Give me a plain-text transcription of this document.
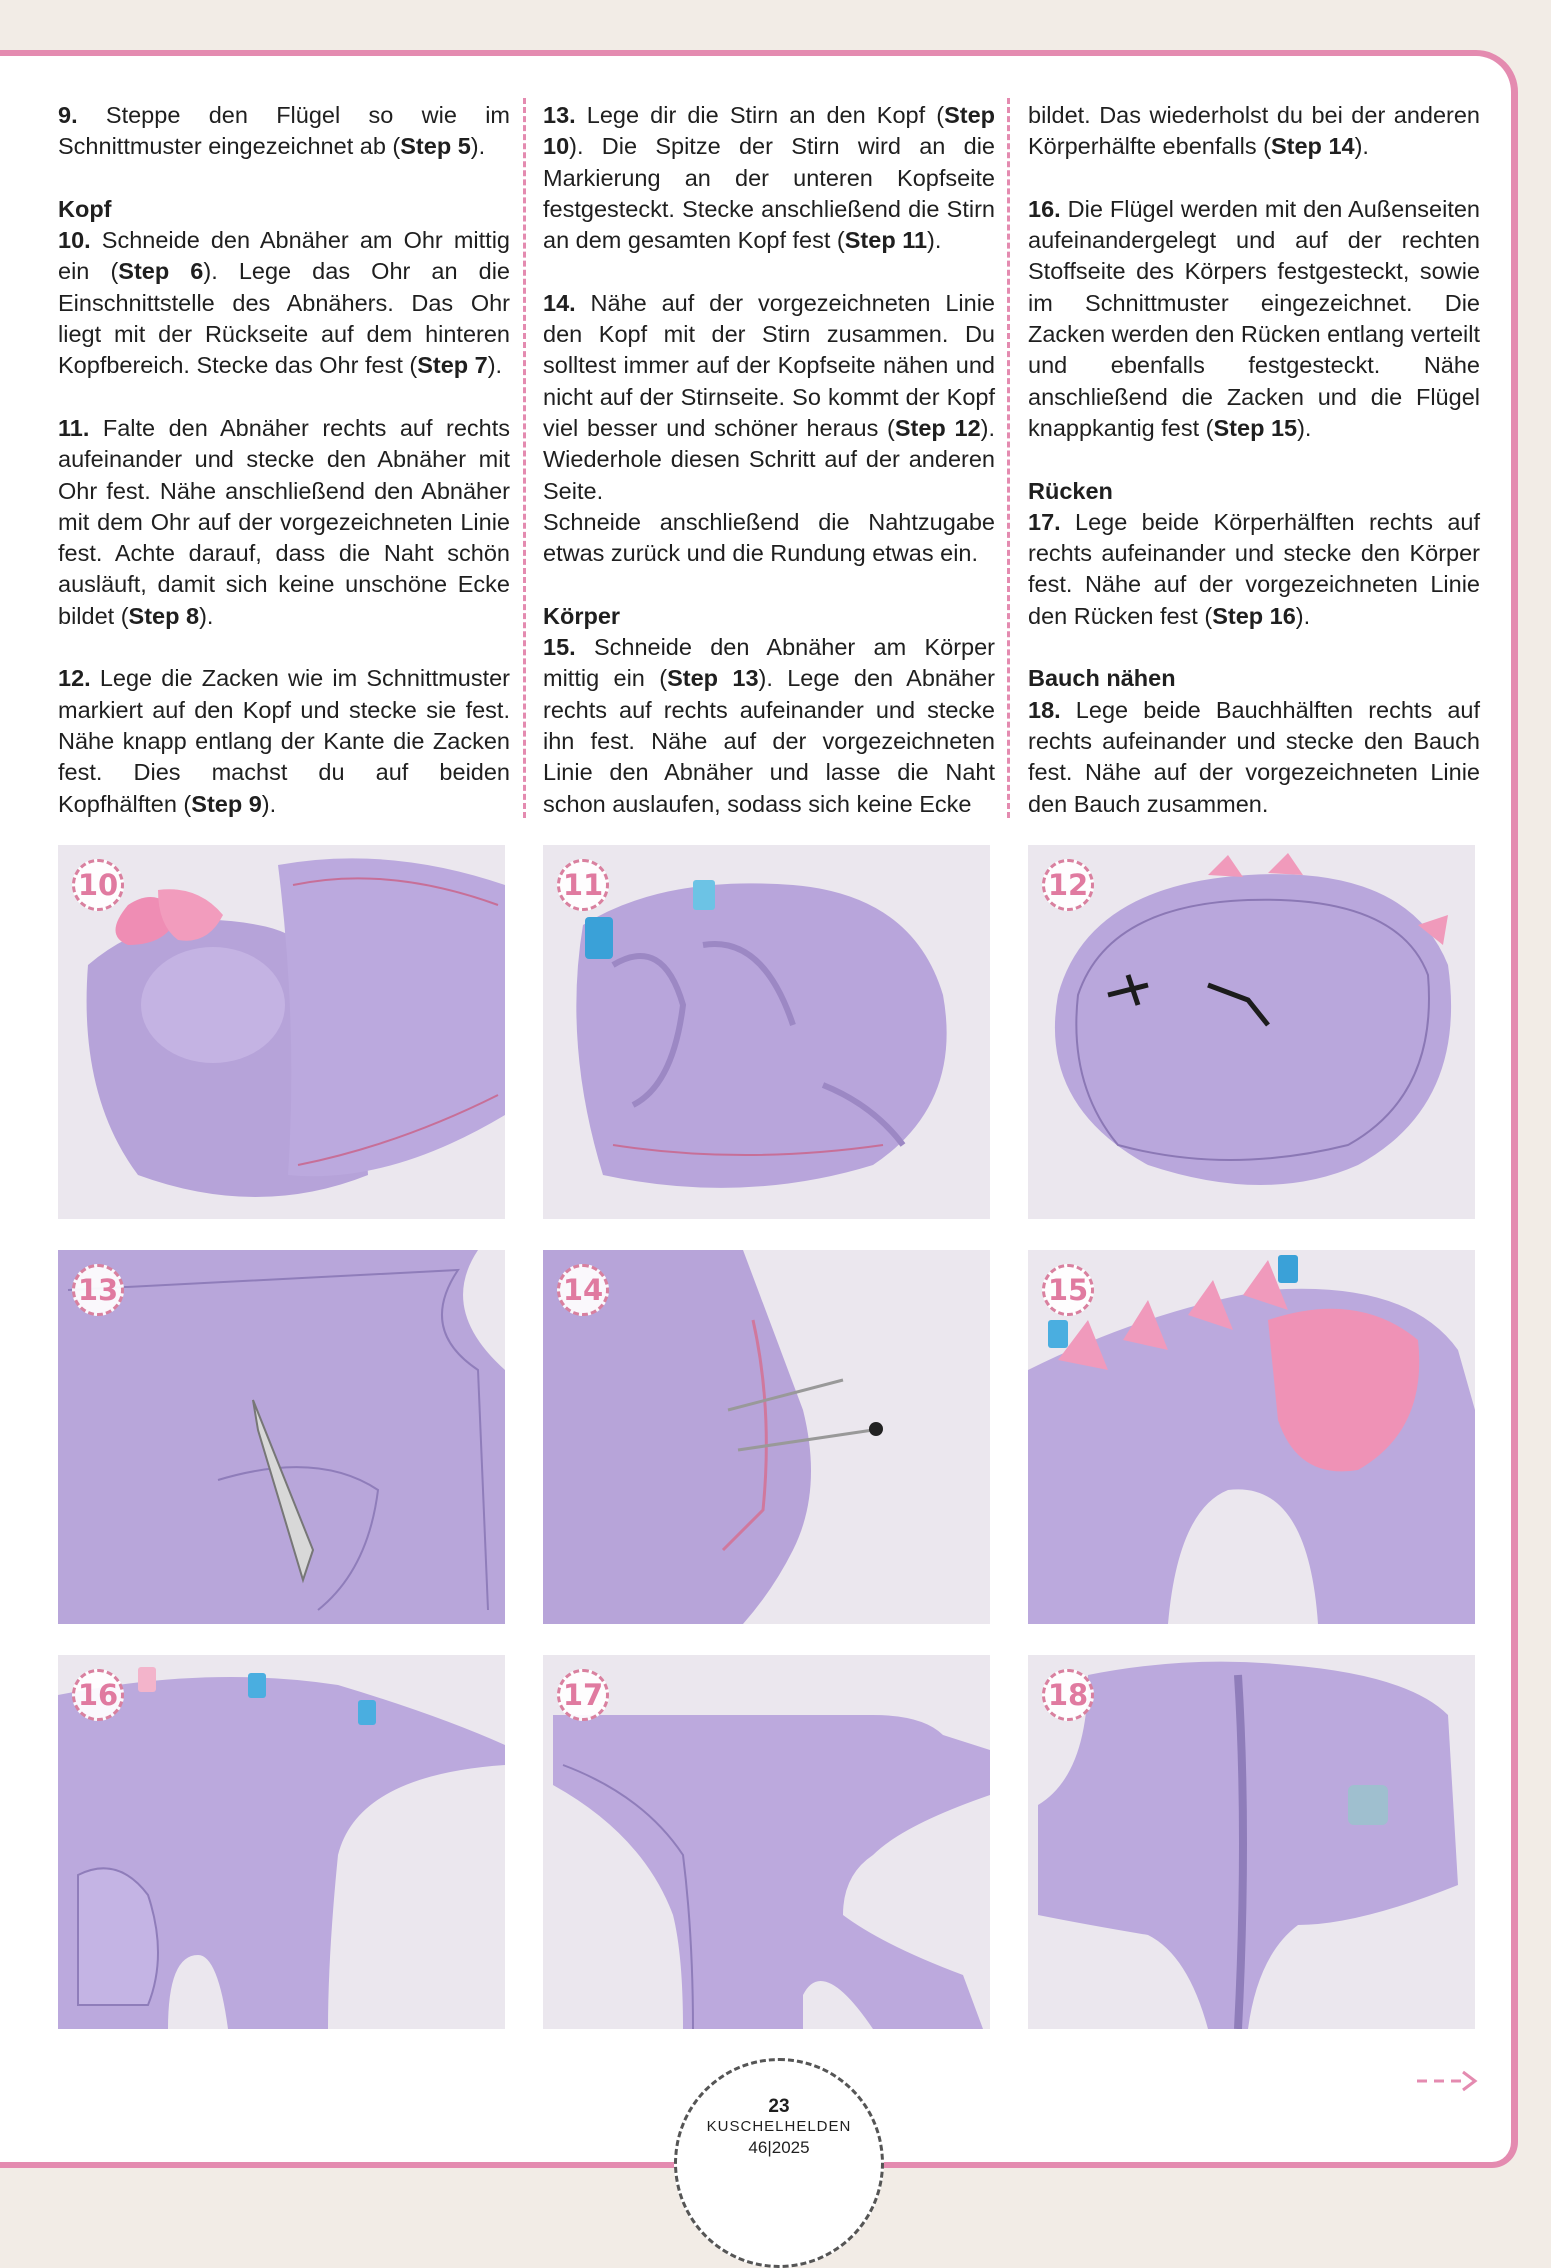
9. Steppe den Flügel so wie im Schnittmuster eingezeichnet ab (Step 5).

Kopf
10. Schneide den Abnäher am Ohr mittig ein (Step 6). Lege das Ohr an die Einschnittstelle des Abnähers. Das Ohr liegt mit der Rückseite auf dem hinteren Kopfbereich. Stecke das Ohr fest (Step 7).

11. Falte den Abnäher rechts auf rechts aufeinander und stecke den Abnäher mit Ohr fest. Nähe anschließend den Abnäher mit dem Ohr auf der vorgezeichneten Linie fest. Achte darauf, dass die Naht schön ausläuft, damit sich keine unschöne Ecke bildet (Step 8).

12. Lege die Zacken wie im Schnittmuster markiert auf den Kopf und stecke sie fest. Nähe knapp entlang der Kante die Zacken fest. Dies machst du auf beiden Kopfhälften (Step 9).

13. Lege dir die Stirn an den Kopf (Step 10). Die Spitze der Stirn wird an die Markierung an der unteren Kopfseite festgesteckt. Stecke anschließend die Stirn an dem gesamten Kopf fest (Step 11).

14. Nähe auf der vorgezeichneten Linie den Kopf mit der Stirn zusammen. Du solltest immer auf der Kopfseite nähen und nicht auf der Stirnseite. So kommt der Kopf viel besser und schöner heraus (Step 12). Wiederhole diesen Schritt auf der anderen Seite.
Schneide anschließend die Nahtzugabe etwas zurück und die Rundung etwas ein.

Körper
15. Schneide den Abnäher am Körper mittig ein (Step 13). Lege den Abnäher rechts auf rechts aufeinander und stecke ihn fest. Nähe auf der vorgezeichneten Linie den Abnäher und lasse die Naht schon auslaufen, sodass sich keine Ecke

bildet. Das wiederholst du bei der anderen Körperhälfte ebenfalls (Step 14).

16. Die Flügel werden mit den Außenseiten aufeinandergelegt und auf der rechten Stoffseite des Körpers festgesteckt, sowie im Schnittmuster eingezeichnet. Die Zacken werden den Rücken entlang verteilt und ebenfalls festgesteckt. Nähe anschließend die Zacken und die Flügel knappkantig fest (Step 15).

Rücken
17. Lege beide Körperhälften rechts auf rechts aufeinander und stecke den Körper fest. Nähe auf der vorgezeichneten Linie den Rücken fest (Step 16).

Bauch nähen
18. Lege beide Bauchhälften rechts auf rechts aufeinander und stecke den Bauch fest. Nähe auf der vorgezeichneten Linie den Bauch zusammen.

10	11	12
13	14	15
16	17	18
23
KUSCHELHELDEN
46|2025
